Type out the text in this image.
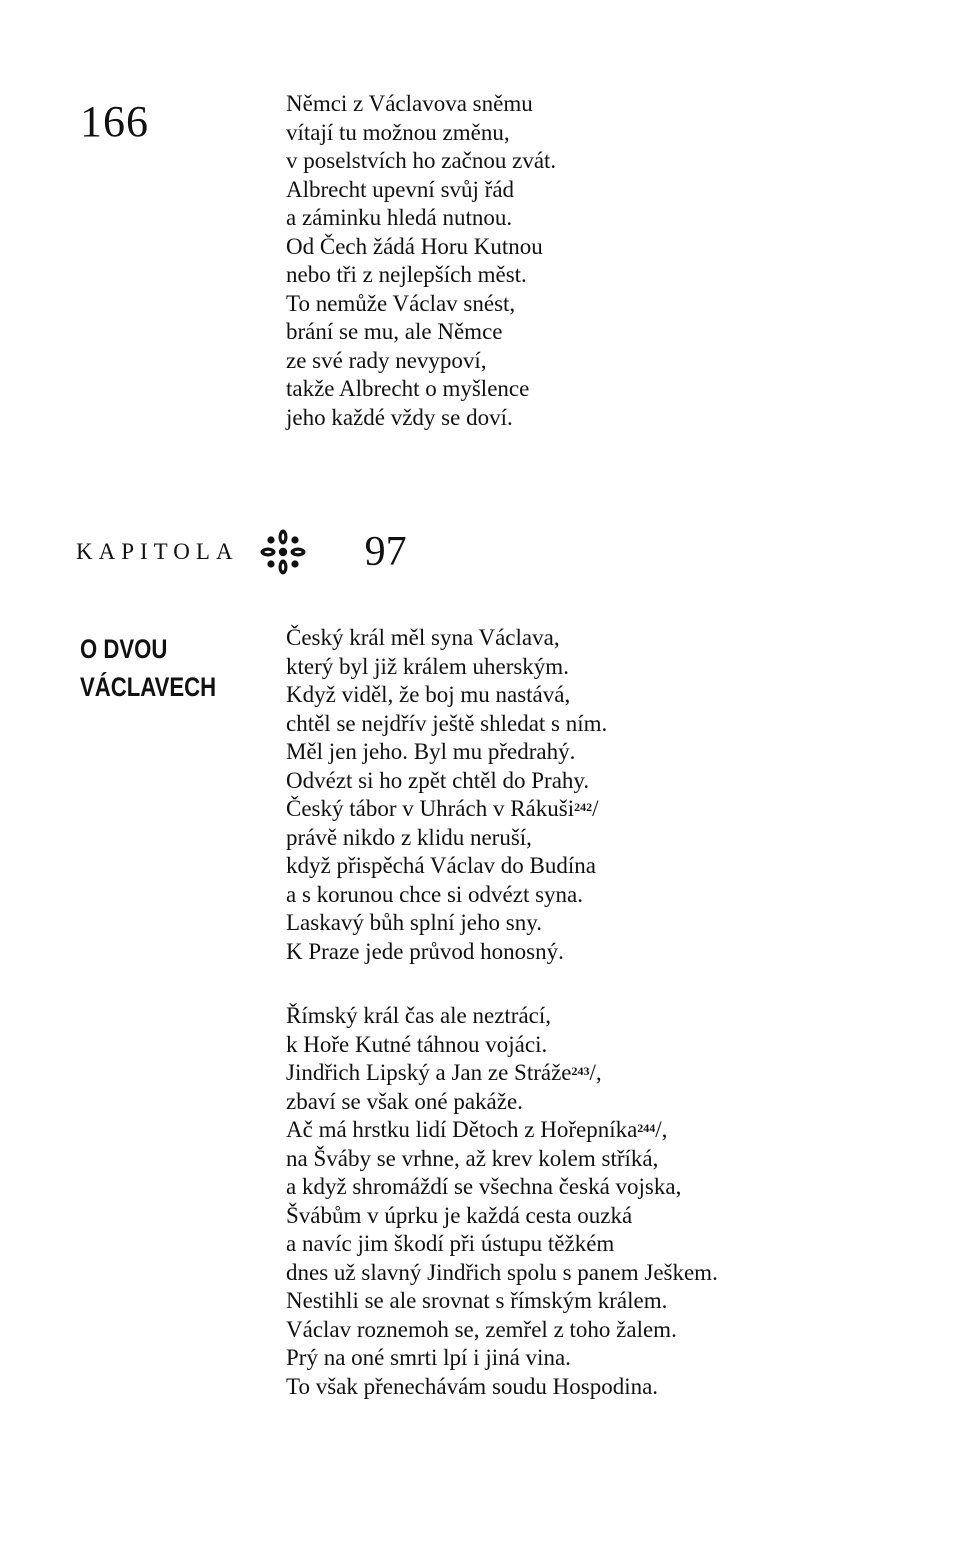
166	Němci z Václavova sněmu
vítají tu možnou změnu,
v poselstvích ho začnou zvát.
Albrecht upevní svůj řád
a záminku hledá nutnou.
Od Čech žádá Horu Kutnou
nebo tři z nejlepších měst.
To nemůže Václav snést,
brání se mu, ale Němce
ze své rady nevypoví,
takže Albrecht o myšlence
jeho každé vždy se doví.
KAPITOLA	97
O DVOU
VÁCLAVECH
Český král měl syna Václava,
který byl již králem uherským.
Když viděl, že boj mu nastává,
chtěl se nejdřív ještě shledat s ním.
Měl jen jeho. Byl mu předrahý.
Odvézt si ho zpět chtěl do Prahy.
Český tábor v Uhrách v Rákuši$^{242}$/
právě nikdo z klidu neruší,
když přispěchá Václav do Budína
a s korunou chce si odvézt syna.
Laskavý bůh splní jeho sny.
K Praze jede průvod honosný.
Římský král čas ale neztrácí,
k Hoře Kutné táhnou vojáci.
Jindřich Lipský a Jan ze Stráže$^{243}$/,
zbaví se však oné pakáže.
Ač má hrstku lidí Dětoch z Hořepníka$^{244}$/,
na Šváby se vrhne, až krev kolem stříká,
a když shromáždí se všechna česká vojska,
Švábům v úprku je každá cesta ouzká
a navíc jim škodí při ústupu těžkém
dnes už slavný Jindřich spolu s panem Ješkem.
Nestihli se ale srovnat s římským králem.
Václav roznemoh se, zemřel z toho žalem.
Prý na oné smrti lpí i jiná vina.
To však přenechávám soudu Hospodina.
